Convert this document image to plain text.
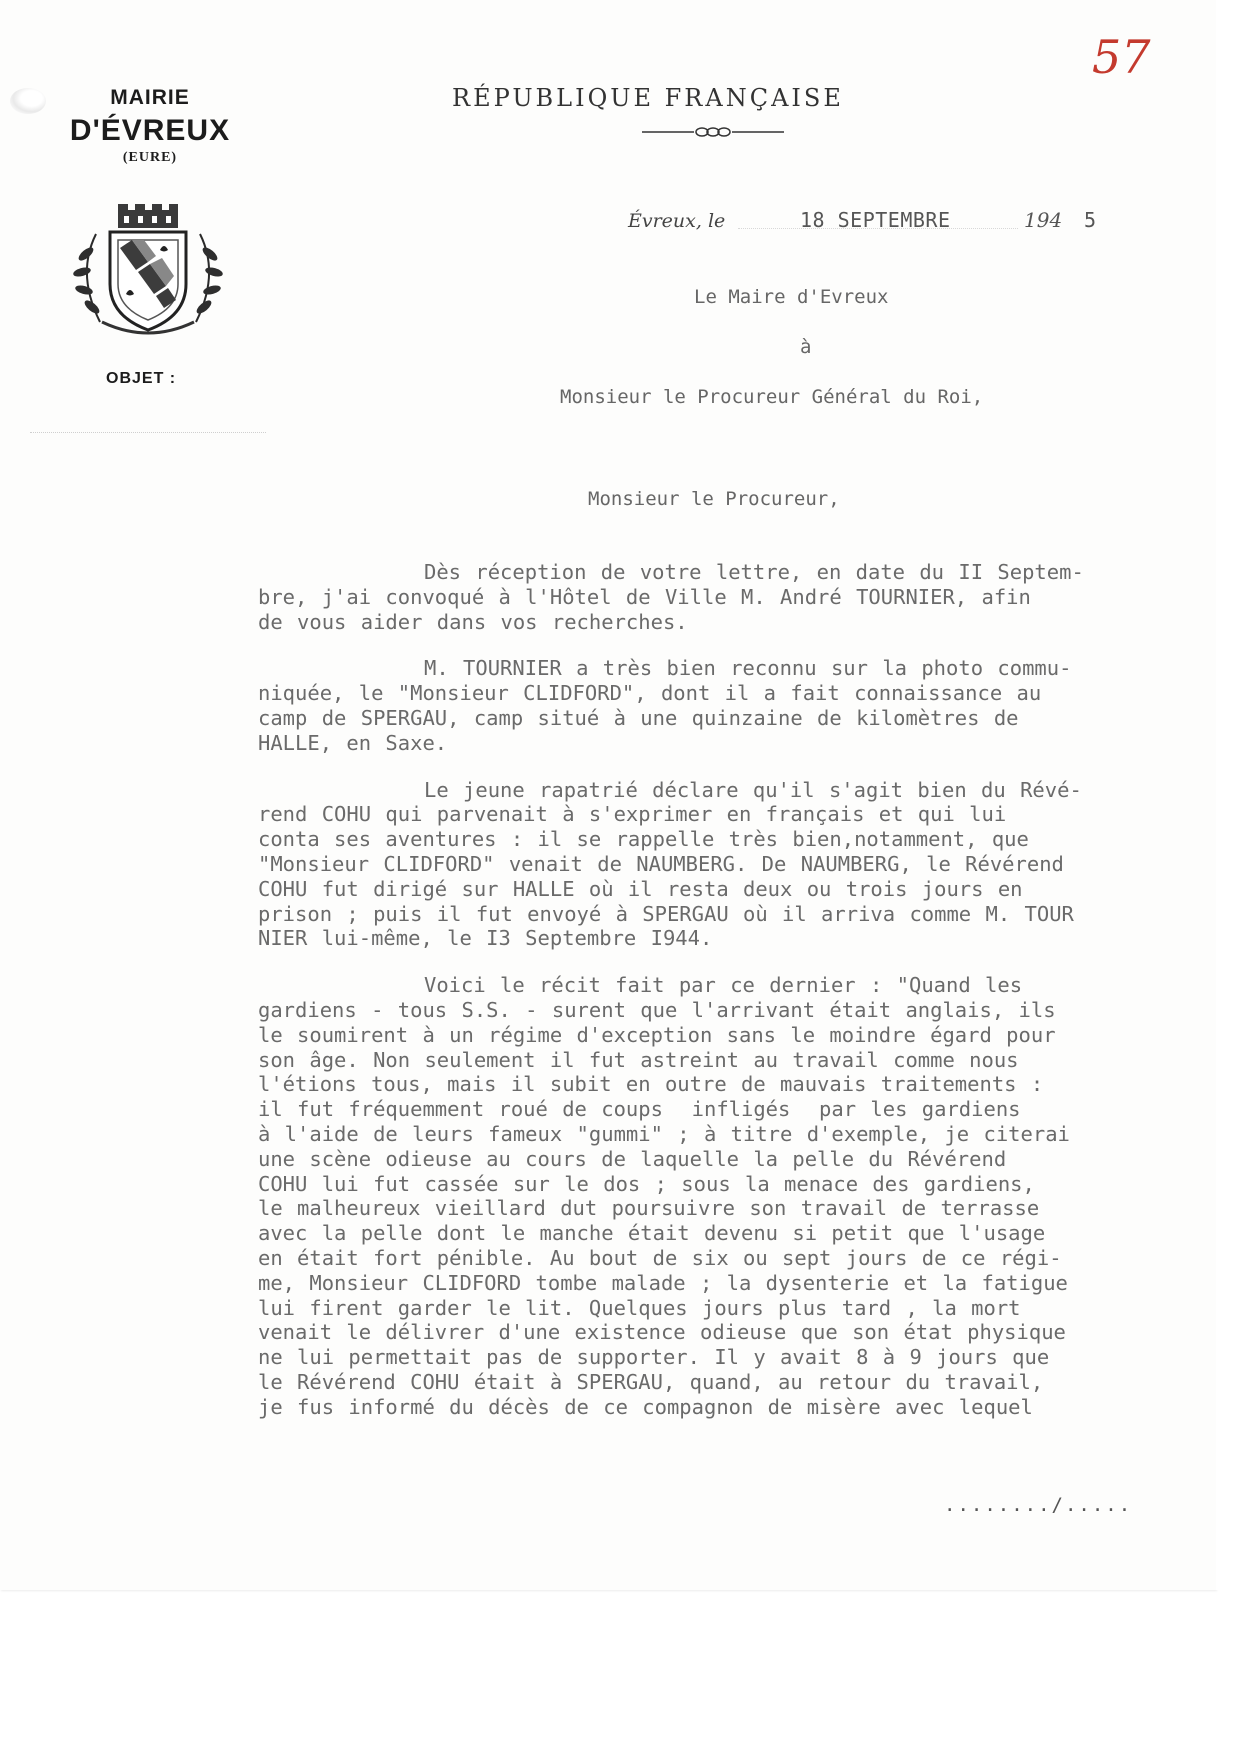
57
MAIRIE
D'ÉVREUX
(EURE)
OBJET :
RÉPUBLIQUE FRANÇAISE
Évreux, le	18 SEPTEMBRE	194 5
Le Maire d'Evreux
à
Monsieur le Procureur Général du Roi,
Monsieur le Procureur,

Dès réception de votre lettre, en date du II Septem-
bre, j'ai convoqué à l'Hôtel de Ville M. André TOURNIER, afin
de vous aider dans vos recherches.

M. TOURNIER a très bien reconnu sur la photo commu-
niquée, le "Monsieur CLIDFORD", dont il a fait connaissance au
camp de SPERGAU, camp situé à une quinzaine de kilomètres de
HALLE, en Saxe.

Le jeune rapatrié déclare qu'il s'agit bien du Révé-
rend COHU qui parvenait à s'exprimer en français et qui lui
conta ses aventures : il se rappelle très bien,notamment, que
"Monsieur CLIDFORD" venait de NAUMBERG. De NAUMBERG, le Révérend
COHU fut dirigé sur HALLE où il resta deux ou trois jours en
prison ; puis il fut envoyé à SPERGAU où il arriva comme M. TOUR
NIER lui-même, le I3 Septembre I944.

Voici le récit fait par ce dernier : "Quand les
gardiens - tous S.S. - surent que l'arrivant était anglais, ils
le soumirent à un régime d'exception sans le moindre égard pour
son âge. Non seulement il fut astreint au travail comme nous
l'étions tous, mais il subit en outre de mauvais traitements :
il fut fréquemment roué de coups  infligés  par les gardiens
à l'aide de leurs fameux "gummi" ; à titre d'exemple, je citerai
une scène odieuse au cours de laquelle la pelle du Révérend
COHU lui fut cassée sur le dos ; sous la menace des gardiens,
le malheureux vieillard dut poursuivre son travail de terrasse
avec la pelle dont le manche était devenu si petit que l'usage
en était fort pénible. Au bout de six ou sept jours de ce régi-
me, Monsieur CLIDFORD tombe malade ; la dysenterie et la fatigue
lui firent garder le lit. Quelques jours plus tard , la mort
venait le délivrer d'une existence odieuse que son état physique
ne lui permettait pas de supporter. Il y avait 8 à 9 jours que
le Révérend COHU était à SPERGAU, quand, au retour du travail,
je fus informé du décès de ce compagnon de misère avec lequel

......../.....
